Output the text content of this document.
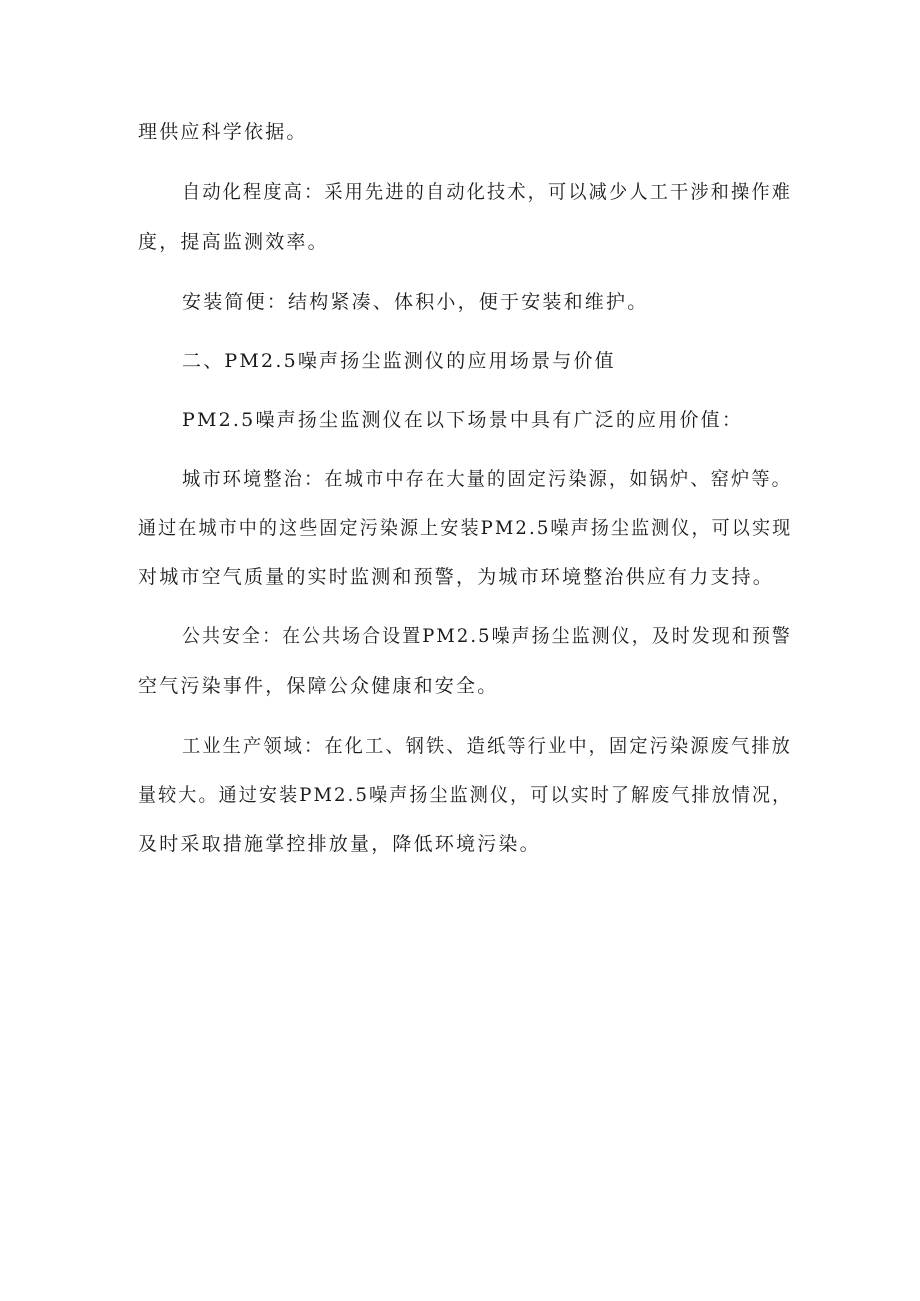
理供应科学依据。
自动化程度高：采用先进的自动化技术，可以减少人工干涉和操作难
度，提高监测效率。
安装简便：结构紧凑、体积小，便于安装和维护。
二、PM2.5噪声扬尘监测仪的应用场景与价值
PM2.5噪声扬尘监测仪在以下场景中具有广泛的应用价值：
城市环境整治：在城市中存在大量的固定污染源，如锅炉、窑炉等。
通过在城市中的这些固定污染源上安装PM2.5噪声扬尘监测仪，可以实现
对城市空气质量的实时监测和预警，为城市环境整治供应有力支持。
公共安全：在公共场合设置PM2.5噪声扬尘监测仪，及时发现和预警
空气污染事件，保障公众健康和安全。
工业生产领域：在化工、钢铁、造纸等行业中，固定污染源废气排放
量较大。通过安装PM2.5噪声扬尘监测仪，可以实时了解废气排放情况，
及时采取措施掌控排放量，降低环境污染。
